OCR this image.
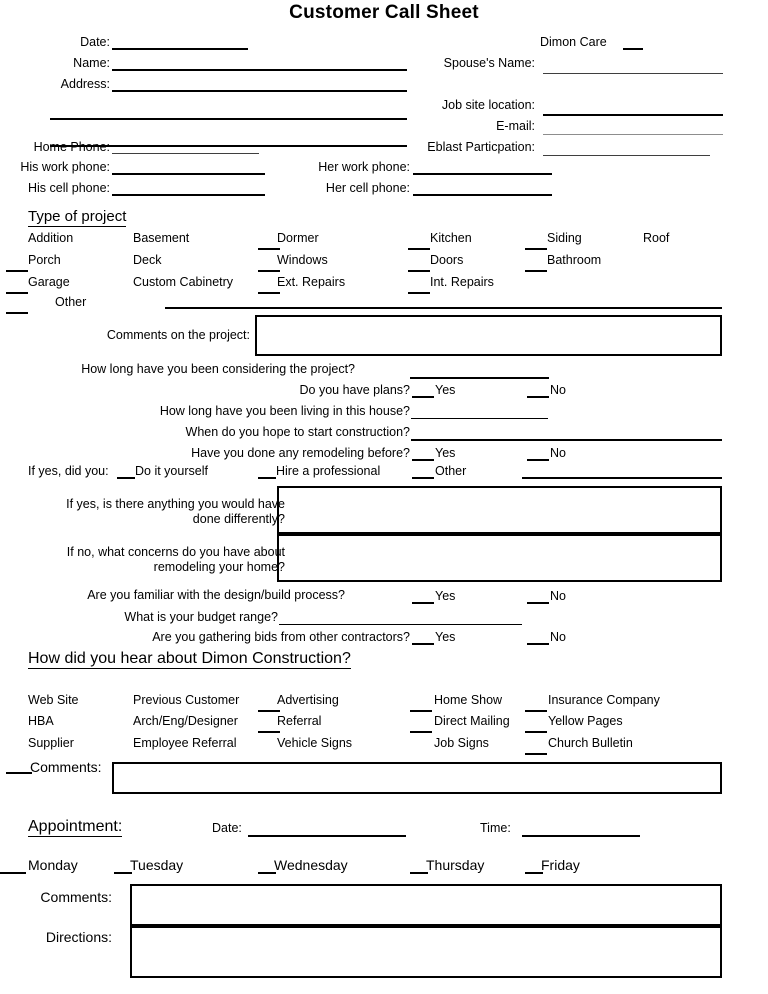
Customer Call Sheet
Date:
Name:
Address:
Home Phone:
His work phone:
His cell phone:
Her work phone:
Her cell phone:
Dimon Care
Spouse's Name:
Job site location:
E-mail:
Eblast Particpation:
Type of project
Addition	Basement	Dormer	Kitchen	Siding	Roof
Porch	Deck	Windows	Doors	Bathroom
Garage	Custom Cabinetry	Ext. Repairs	Int. Repairs
Other
Comments on the project:
How long have you been considering the project?
Do you have plans? Yes	No
How long have you been living in this house?
When do you hope to start construction?
Have you done any remodeling before? Yes	No
If yes, did you: Do it yourself	Hire a professional	Other
If yes, is there anything you would have
done differently?
If no, what concerns do you have about
remodeling your home?
Are you familiar with the design/build process?	Yes	No
What is your budget range?
Are you gathering bids from other contractors? Yes	No
How did you hear about Dimon Construction?
Web Site	Previous Customer	Advertising	Home Show	Insurance Company
HBA	Arch/Eng/Designer	Referral	Direct Mailing	Yellow Pages
Supplier	Employee Referral	Vehicle Signs	Job Signs	Church Bulletin
Comments:
Appointment:	Date:	Time:
Monday	Tuesday	Wednesday	Thursday	Friday
Comments:
Directions:
